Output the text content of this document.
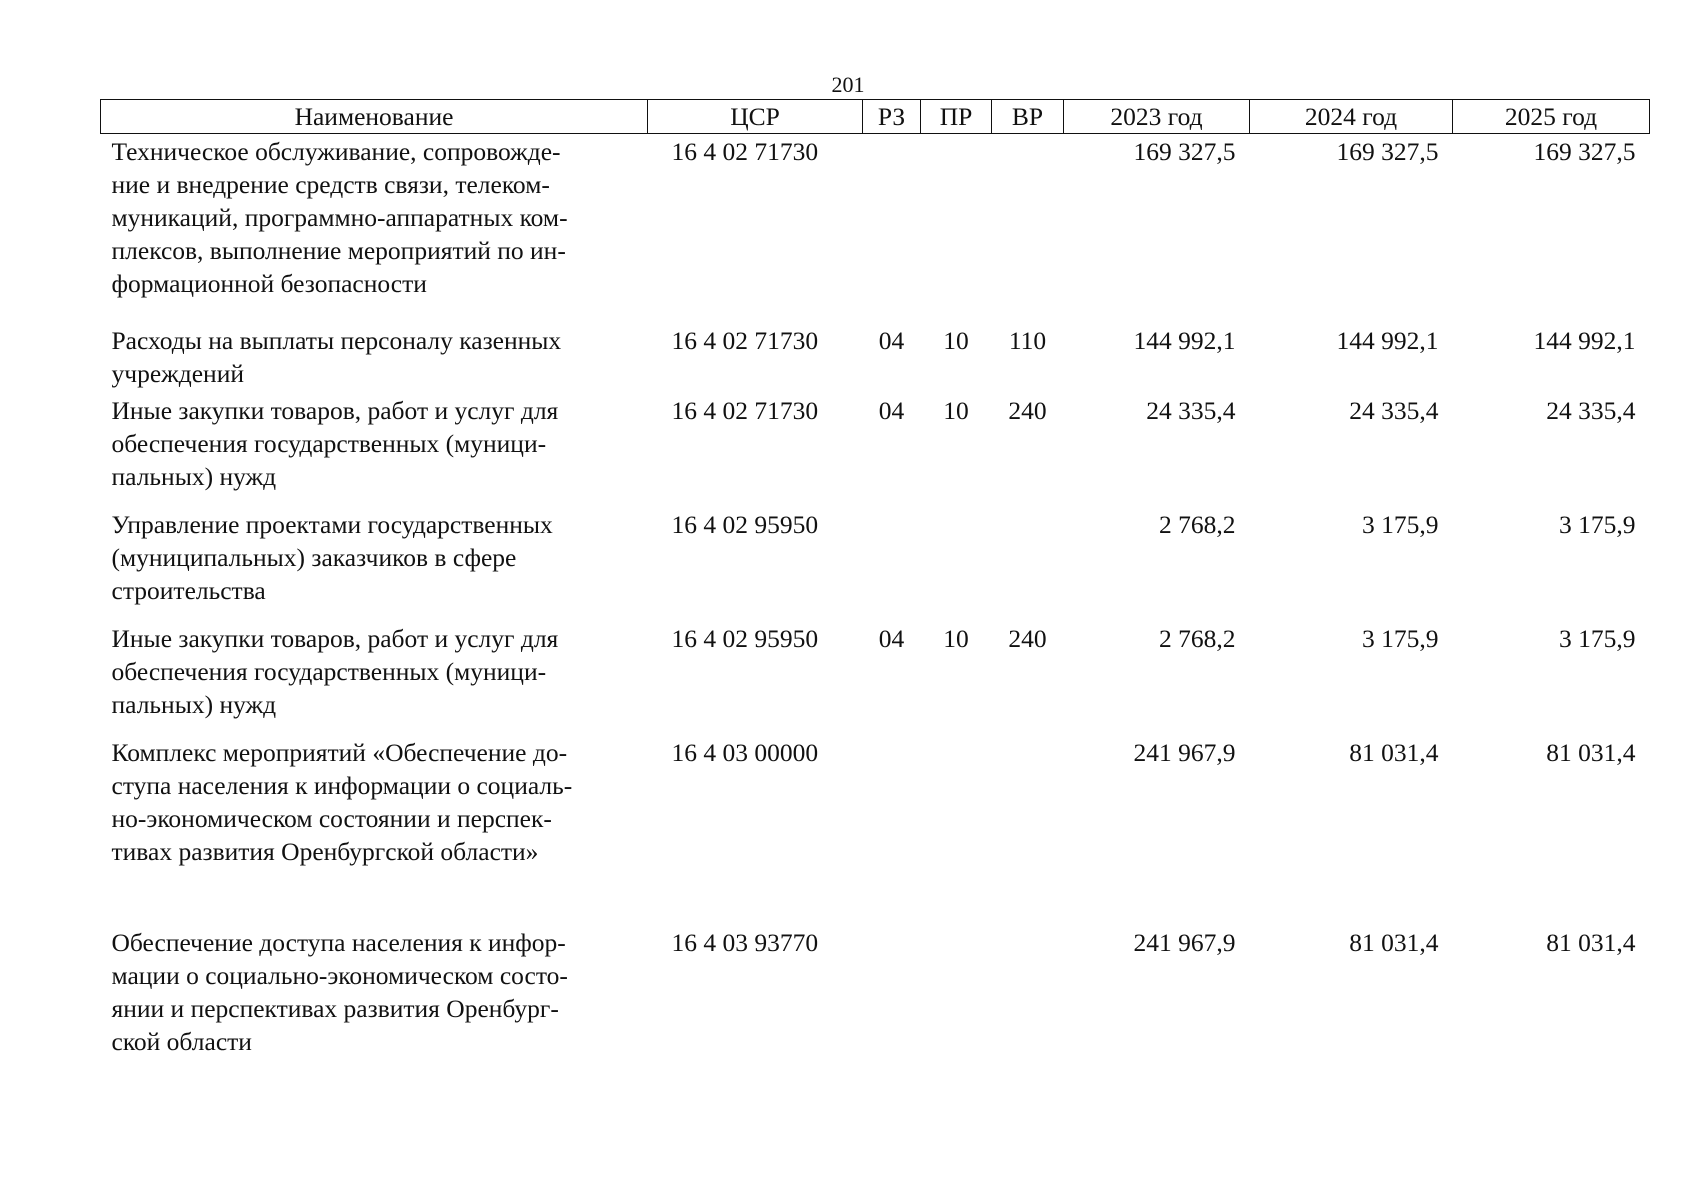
201
Наименование	ЦСР	РЗ	ПР	ВР	2023 год	2024 год	2025 год
Техническое обслуживание, сопровожде-
ние и внедрение средств связи, телеком-
муникаций, программно-аппаратных ком-
плексов, выполнение мероприятий по ин-
формационной безопасности	16 4 02 71730				169 327,5	169 327,5	169 327,5
Расходы на выплаты персоналу казенных
учреждений	16 4 02 71730	04	10	110	144 992,1	144 992,1	144 992,1
Иные закупки товаров, работ и услуг для
обеспечения государственных (муници-
пальных) нужд	16 4 02 71730	04	10	240	24 335,4	24 335,4	24 335,4
Управление проектами государственных
(муниципальных) заказчиков в сфере
строительства	16 4 02 95950				2 768,2	3 175,9	3 175,9
Иные закупки товаров, работ и услуг для
обеспечения государственных (муници-
пальных) нужд	16 4 02 95950	04	10	240	2 768,2	3 175,9	3 175,9
Комплекс мероприятий «Обеспечение до-
ступа населения к информации о социаль-
но-экономическом состоянии и перспек-
тивах развития Оренбургской области»	16 4 03 00000				241 967,9	81 031,4	81 031,4
Обеспечение доступа населения к инфор-
мации о социально-экономическом состо-
янии и перспективах развития Оренбург-
ской области	16 4 03 93770				241 967,9	81 031,4	81 031,4
